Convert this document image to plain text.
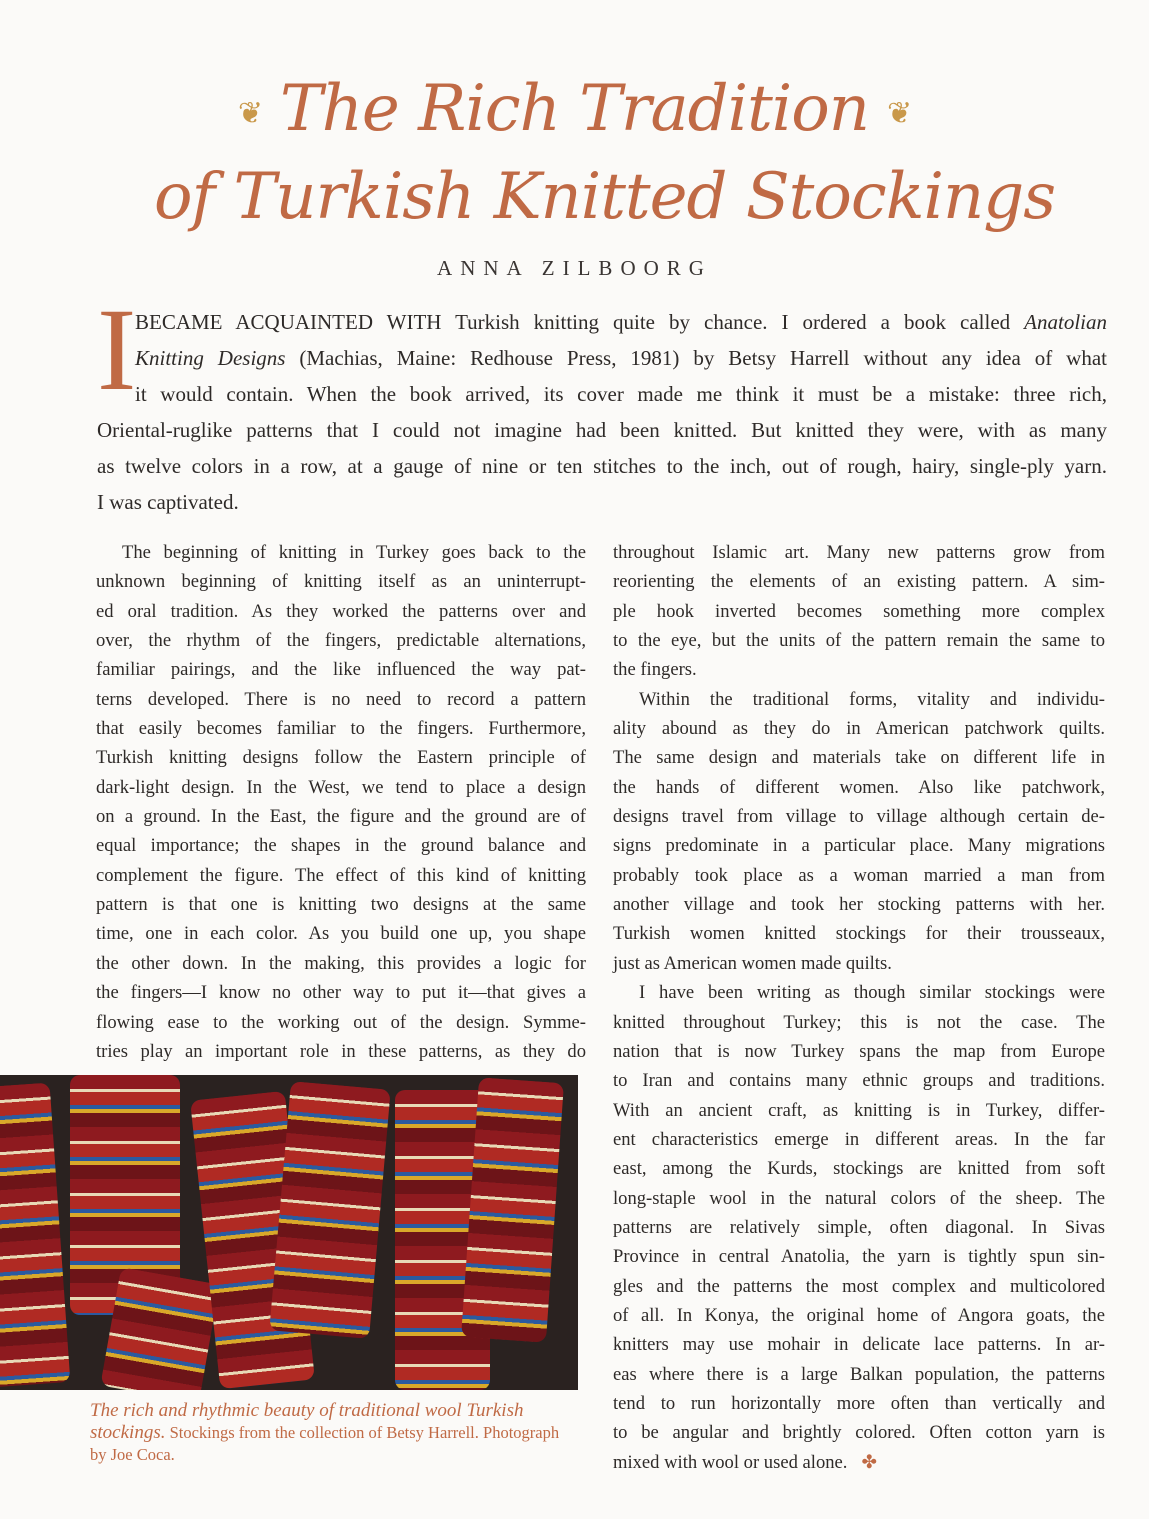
❦ The Rich Tradition ❦
of Turkish Knitted Stockings
ANNA ZILBOORG
I
BECAME ACQUAINTED WITH Turkish knitting quite by chance. I ordered a book called Anatolian
Knitting Designs (Machias, Maine: Redhouse Press, 1981) by Betsy Harrell without any idea of what
it would contain. When the book arrived, its cover made me think it must be a mistake: three rich,
Oriental-ruglike patterns that I could not imagine had been knitted. But knitted they were, with as many
as twelve colors in a row, at a gauge of nine or ten stitches to the inch, out of rough, hairy, single-ply yarn.
I was captivated.
The beginning of knitting in Turkey goes back to the
unknown beginning of knitting itself as an uninterrupt-
ed oral tradition. As they worked the patterns over and
over, the rhythm of the fingers, predictable alternations,
familiar pairings, and the like influenced the way pat-
terns developed. There is no need to record a pattern
that easily becomes familiar to the fingers. Furthermore,
Turkish knitting designs follow the Eastern principle of
dark-light design. In the West, we tend to place a design
on a ground. In the East, the figure and the ground are of
equal importance; the shapes in the ground balance and
complement the figure. The effect of this kind of knitting
pattern is that one is knitting two designs at the same
time, one in each color. As you build one up, you shape
the other down. In the making, this provides a logic for
the fingers—I know no other way to put it—that gives a
flowing ease to the working out of the design. Symme-
tries play an important role in these patterns, as they do
throughout Islamic art. Many new patterns grow from
reorienting the elements of an existing pattern. A sim-
ple hook inverted becomes something more complex
to the eye, but the units of the pattern remain the same to
the fingers.
Within the traditional forms, vitality and individu-
ality abound as they do in American patchwork quilts.
The same design and materials take on different life in
the hands of different women. Also like patchwork,
designs travel from village to village although certain de-
signs predominate in a particular place. Many migrations
probably took place as a woman married a man from
another village and took her stocking patterns with her.
Turkish women knitted stockings for their trousseaux,
just as American women made quilts.
I have been writing as though similar stockings were
knitted throughout Turkey; this is not the case. The
nation that is now Turkey spans the map from Europe
to Iran and contains many ethnic groups and traditions.
With an ancient craft, as knitting is in Turkey, differ-
ent characteristics emerge in different areas. In the far
east, among the Kurds, stockings are knitted from soft
long-staple wool in the natural colors of the sheep. The
patterns are relatively simple, often diagonal. In Sivas
Province in central Anatolia, the yarn is tightly spun sin-
gles and the patterns the most complex and multicolored
of all. In Konya, the original home of Angora goats, the
knitters may use mohair in delicate lace patterns. In ar-
eas where there is a large Balkan population, the patterns
tend to run horizontally more often than vertically and
to be angular and brightly colored. Often cotton yarn is
mixed with wool or used alone. ✤
The rich and rhythmic beauty of traditional wool Turkish stockings. Stockings from the collection of Betsy Harrell. Photograph by Joe Coca.
